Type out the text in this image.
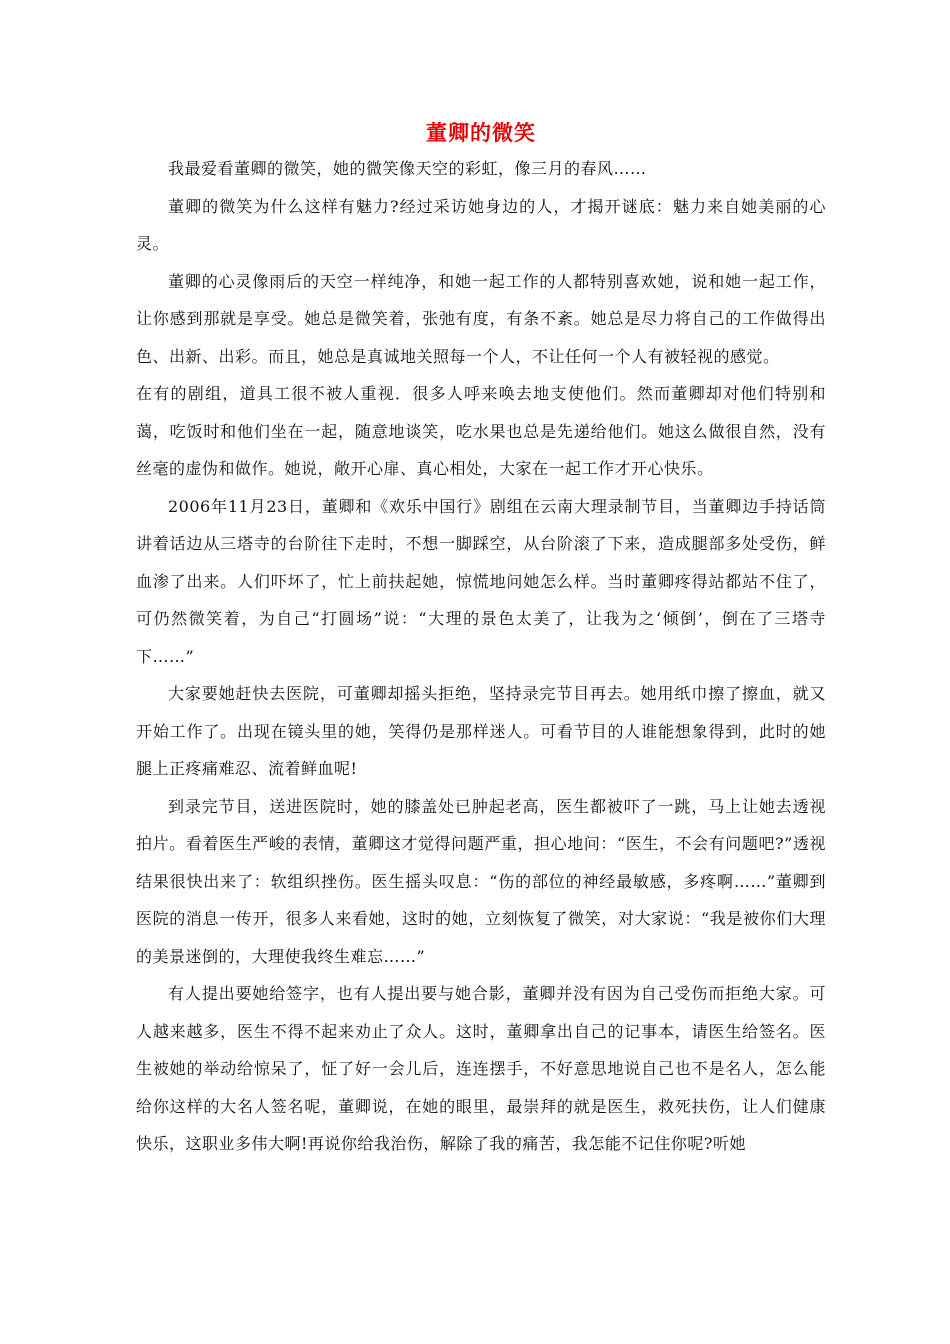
董卿的微笑

我最爱看董卿的微笑，她的微笑像天空的彩虹，像三月的春风……

董卿的微笑为什么这样有魅力?经过采访她身边的人，才揭开谜底：魅力来自她美丽的心灵。

董卿的心灵像雨后的天空一样纯净，和她一起工作的人都特别喜欢她，说和她一起工作，让你感到那就是享受。她总是微笑着，张弛有度，有条不紊。她总是尽力将自己的工作做得出色、出新、出彩。而且，她总是真诚地关照每一个人，不让任何一个人有被轻视的感觉。

在有的剧组，道具工很不被人重视．很多人呼来唤去地支使他们。然而董卿却对他们特别和蔼，吃饭时和他们坐在一起，随意地谈笑，吃水果也总是先递给他们。她这么做很自然，没有丝毫的虚伪和做作。她说，敞开心扉、真心相处，大家在一起工作才开心快乐。

2006年11月23日，董卿和《欢乐中国行》剧组在云南大理录制节目，当董卿边手持话筒讲着话边从三塔寺的台阶往下走时，不想一脚踩空，从台阶滚了下来，造成腿部多处受伤，鲜血渗了出来。人们吓坏了，忙上前扶起她，惊慌地问她怎么样。当时董卿疼得站都站不住了，可仍然微笑着，为自己“打圆场”说：“大理的景色太美了，让我为之‘倾倒’，倒在了三塔寺下……”

大家要她赶快去医院，可董卿却摇头拒绝，坚持录完节目再去。她用纸巾擦了擦血，就又开始工作了。出现在镜头里的她，笑得仍是那样迷人。可看节目的人谁能想象得到，此时的她腿上正疼痛难忍、流着鲜血呢!

到录完节目，送进医院时，她的膝盖处已肿起老高，医生都被吓了一跳，马上让她去透视拍片。看着医生严峻的表情，董卿这才觉得问题严重，担心地问：“医生，不会有问题吧?”透视结果很快出来了：软组织挫伤。医生摇头叹息：“伤的部位的神经最敏感，多疼啊……”董卿到医院的消息一传开，很多人来看她，这时的她，立刻恢复了微笑，对大家说：“我是被你们大理的美景迷倒的，大理使我终生难忘……”

有人提出要她给签字，也有人提出要与她合影，董卿并没有因为自己受伤而拒绝大家。可人越来越多，医生不得不起来劝止了众人。这时，董卿拿出自己的记事本，请医生给签名。医生被她的举动给惊呆了，怔了好一会儿后，连连摆手，不好意思地说自己也不是名人，怎么能给你这样的大名人签名呢，董卿说，在她的眼里，最崇拜的就是医生，救死扶伤，让人们健康快乐，这职业多伟大啊!再说你给我治伤，解除了我的痛苦，我怎能不记住你呢?听她
